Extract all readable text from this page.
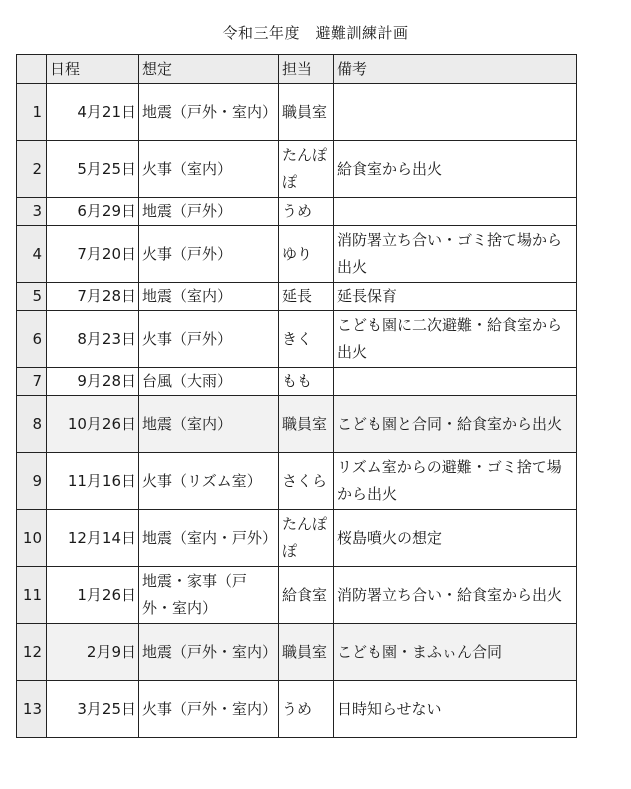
令和三年度　避難訓練計画
	日程	想定	担当	備考
1	4月21日	地震（戸外・室内）	職員室	
2	5月25日	火事（室内）	たんぽぽ	給食室から出火
3	6月29日	地震（戸外）	うめ	
4	7月20日	火事（戸外）	ゆり	消防署立ち合い・ゴミ捨て場から出火
5	7月28日	地震（室内）	延長	延長保育
6	8月23日	火事（戸外）	きく	こども園に二次避難・給食室から出火
7	9月28日	台風（大雨）	もも	
8	10月26日	地震（室内）	職員室	こども園と合同・給食室から出火
9	11月16日	火事（リズム室）	さくら	リズム室からの避難・ゴミ捨て場から出火
10	12月14日	地震（室内・戸外）	たんぽぽ	桜島噴火の想定
11	1月26日	地震・家事（戸外・室内）	給食室	消防署立ち合い・給食室から出火
12	2月9日	地震（戸外・室内）	職員室	こども園・まふぃん合同
13	3月25日	火事（戸外・室内）	うめ	日時知らせない
